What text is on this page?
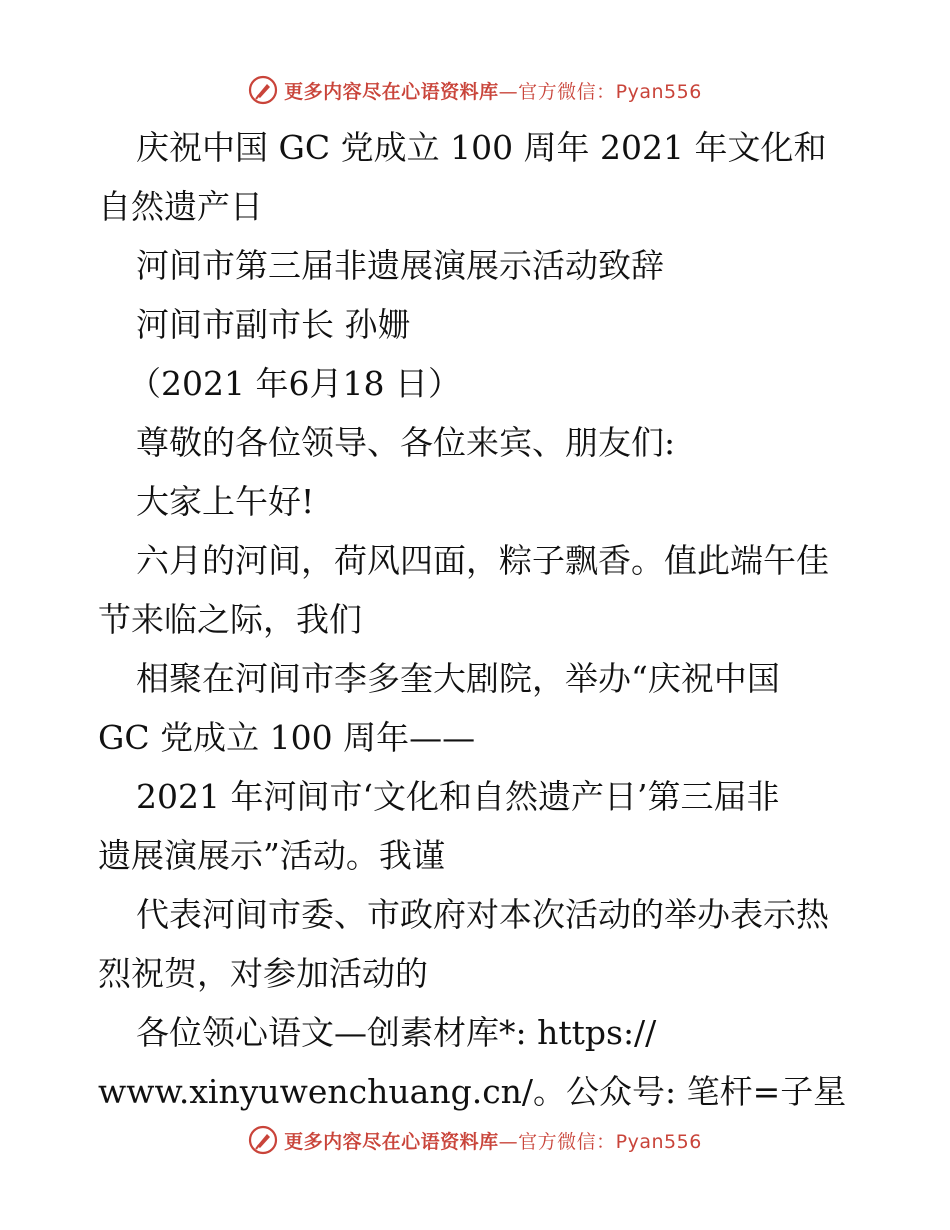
更多内容尽在心语资料库—官方微信：Pyan556
庆祝中国 GC 党成立 100 周年 2021 年文化和
自然遗产日
河间市第三届非遗展演展示活动致辞
河间市副市长 孙姗
（2021 年6月18 日）
尊敬的各位领导、各位来宾、朋友们:
大家上午好!
六月的河间，荷风四面，粽子飘香。值此端午佳
节来临之际，我们
相聚在河间市李多奎大剧院，举办“庆祝中国
GC 党成立 100 周年——
2021 年河间市‘文化和自然遗产日’第三届非
遗展演展示”活动。我谨
代表河间市委、市政府对本次活动的举办表示热
烈祝贺，对参加活动的
各位领心语文—创素材库*: https://
www.xinyuwenchuang.cn/。公众号: 笔杆=子星
更多内容尽在心语资料库—官方微信：Pyan556
